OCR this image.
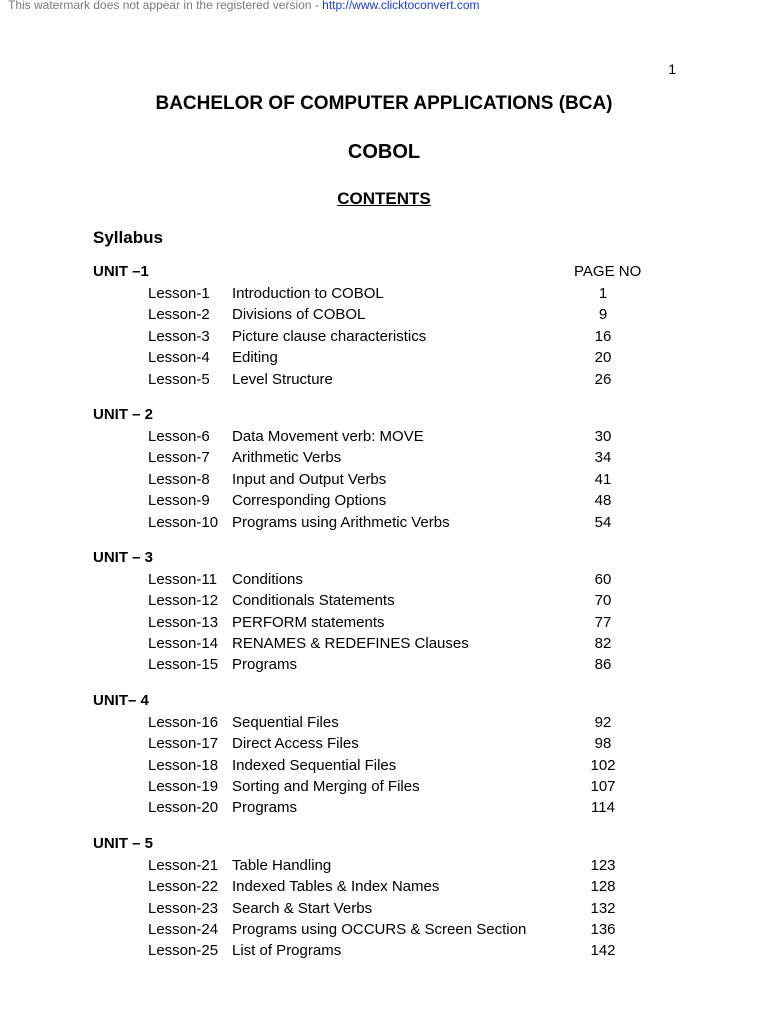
This watermark does not appear in the registered version - http://www.clicktoconvert.com
1
BACHELOR OF COMPUTER APPLICATIONS (BCA)
COBOL
CONTENTS
Syllabus
UNIT –1	PAGE NO
Lesson-1 Introduction to COBOL	1
Lesson-2 Divisions of COBOL	9
Lesson-3 Picture clause characteristics	16
Lesson-4 Editing	20
Lesson-5 Level Structure	26
UNIT – 2
Lesson-6 Data Movement verb: MOVE	30
Lesson-7 Arithmetic Verbs	34
Lesson-8 Input and Output Verbs	41
Lesson-9 Corresponding Options	48
Lesson-10 Programs using Arithmetic Verbs	54
UNIT – 3
Lesson-11 Conditions	60
Lesson-12 Conditionals Statements	70
Lesson-13 PERFORM statements	77
Lesson-14 RENAMES & REDEFINES Clauses	82
Lesson-15 Programs	86
UNIT– 4
Lesson-16 Sequential Files	92
Lesson-17 Direct Access Files	98
Lesson-18 Indexed Sequential Files	102
Lesson-19 Sorting and Merging of Files	107
Lesson-20 Programs	114
UNIT – 5
Lesson-21 Table Handling	123
Lesson-22 Indexed Tables & Index Names	128
Lesson-23 Search & Start Verbs	132
Lesson-24 Programs using OCCURS & Screen Section	136
Lesson-25 List of Programs	142
